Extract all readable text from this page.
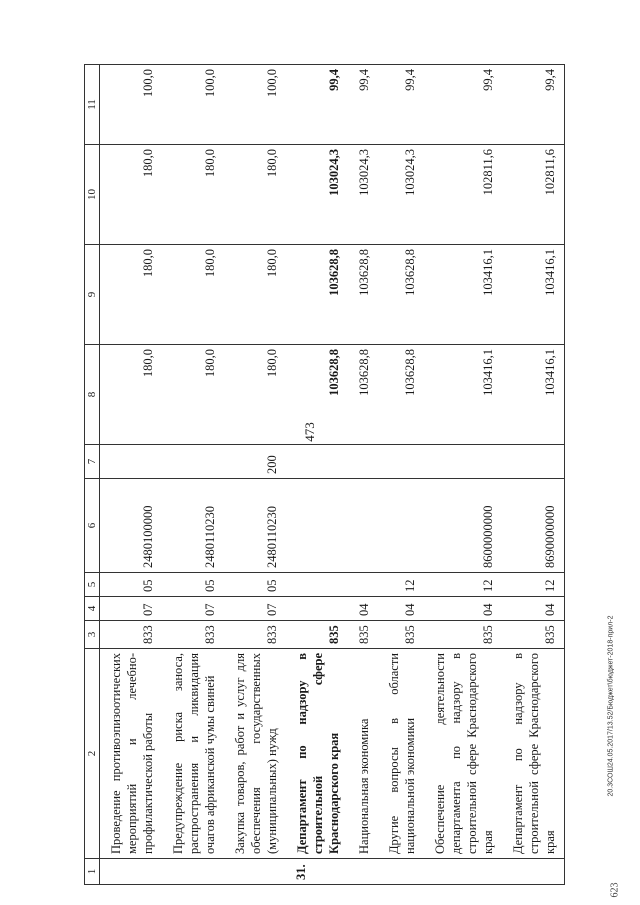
473
1	2	3	4	5	6	7	8	9	10	11
	Проведение противоэпизоотических мероприятий и лечебно-профилактической работы	833	07	05	2480100000		180,0	180,0	180,0	100,0
	Предупреждение риска заноса, распространения и ликвидация очагов африканской чумы свиней	833	07	05	2480110230		180,0	180,0	180,0	100,0
	Закупка товаров, работ и услуг для обеспечения государственных (муниципальных) нужд	833	07	05	2480110230	200	180,0	180,0	180,0	100,0
31.	Департамент по надзору в строительной сфере Краснодарского края	835					103628,8	103628,8	103024,3	99,4
	Национальная экономика	835	04				103628,8	103628,8	103024,3	99,4
	Другие вопросы в области национальной экономики	835	04	12			103628,8	103628,8	103024,3	99,4
	Обеспечение деятельности департамента по надзору в строительной сфере Краснодарского края	835	04	12	8600000000		103416,1	103416,1	102811,6	99,4
	Департамент по надзору в строительной сфере Краснодарского края	835	04	12	8690000000		103416,1	103416,1	102811,6	99,4
20.3СОШ24.05.2017/13.52/Бюджет\бюджет-2018-прил-2
623
